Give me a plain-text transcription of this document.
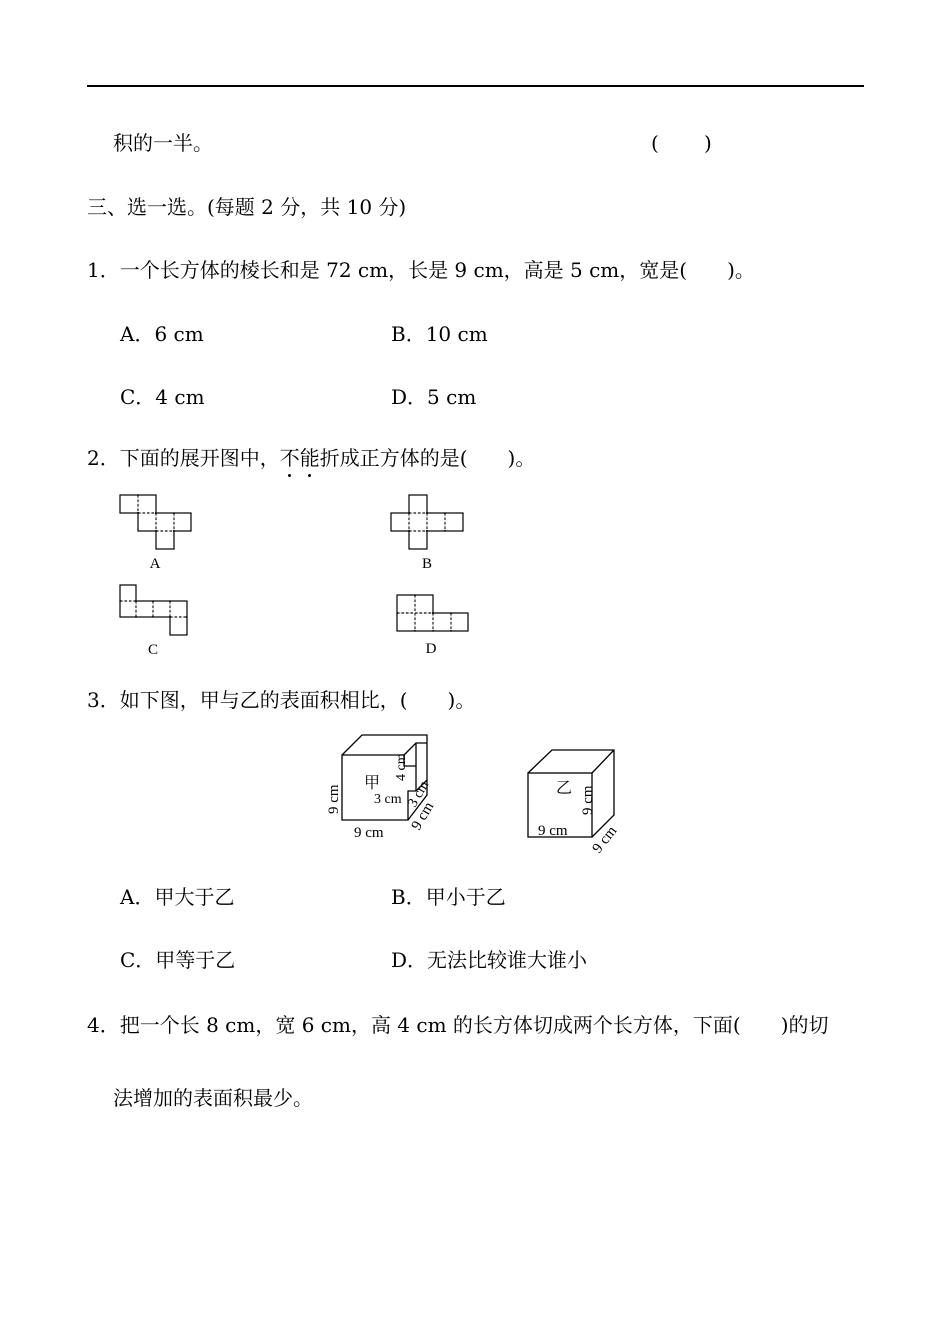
积的一半。	( )
三、选一选。(每题 2 分，共 10 分)
1．一个长方体的棱长和是 72 cm，长是 9 cm，高是 5 cm，宽是(　　)。
A．6 cm	B．10 cm
C．4 cm	D．5 cm
2．下面的展开图中，不能折成正方体的是(　　)。
A	B
C	D
3．如下图，甲与乙的表面积相比，(　　)。
甲
9 cm
9 cm 9 cm
4 cm
3 cm 3 cm	乙 9 cm
9 cm 9 cm
A．甲大于乙	B．甲小于乙
C．甲等于乙	D．无法比较谁大谁小
4．把一个长 8 cm，宽 6 cm，高 4 cm 的长方体切成两个长方体，下面(　　)的切
法增加的表面积最少。
